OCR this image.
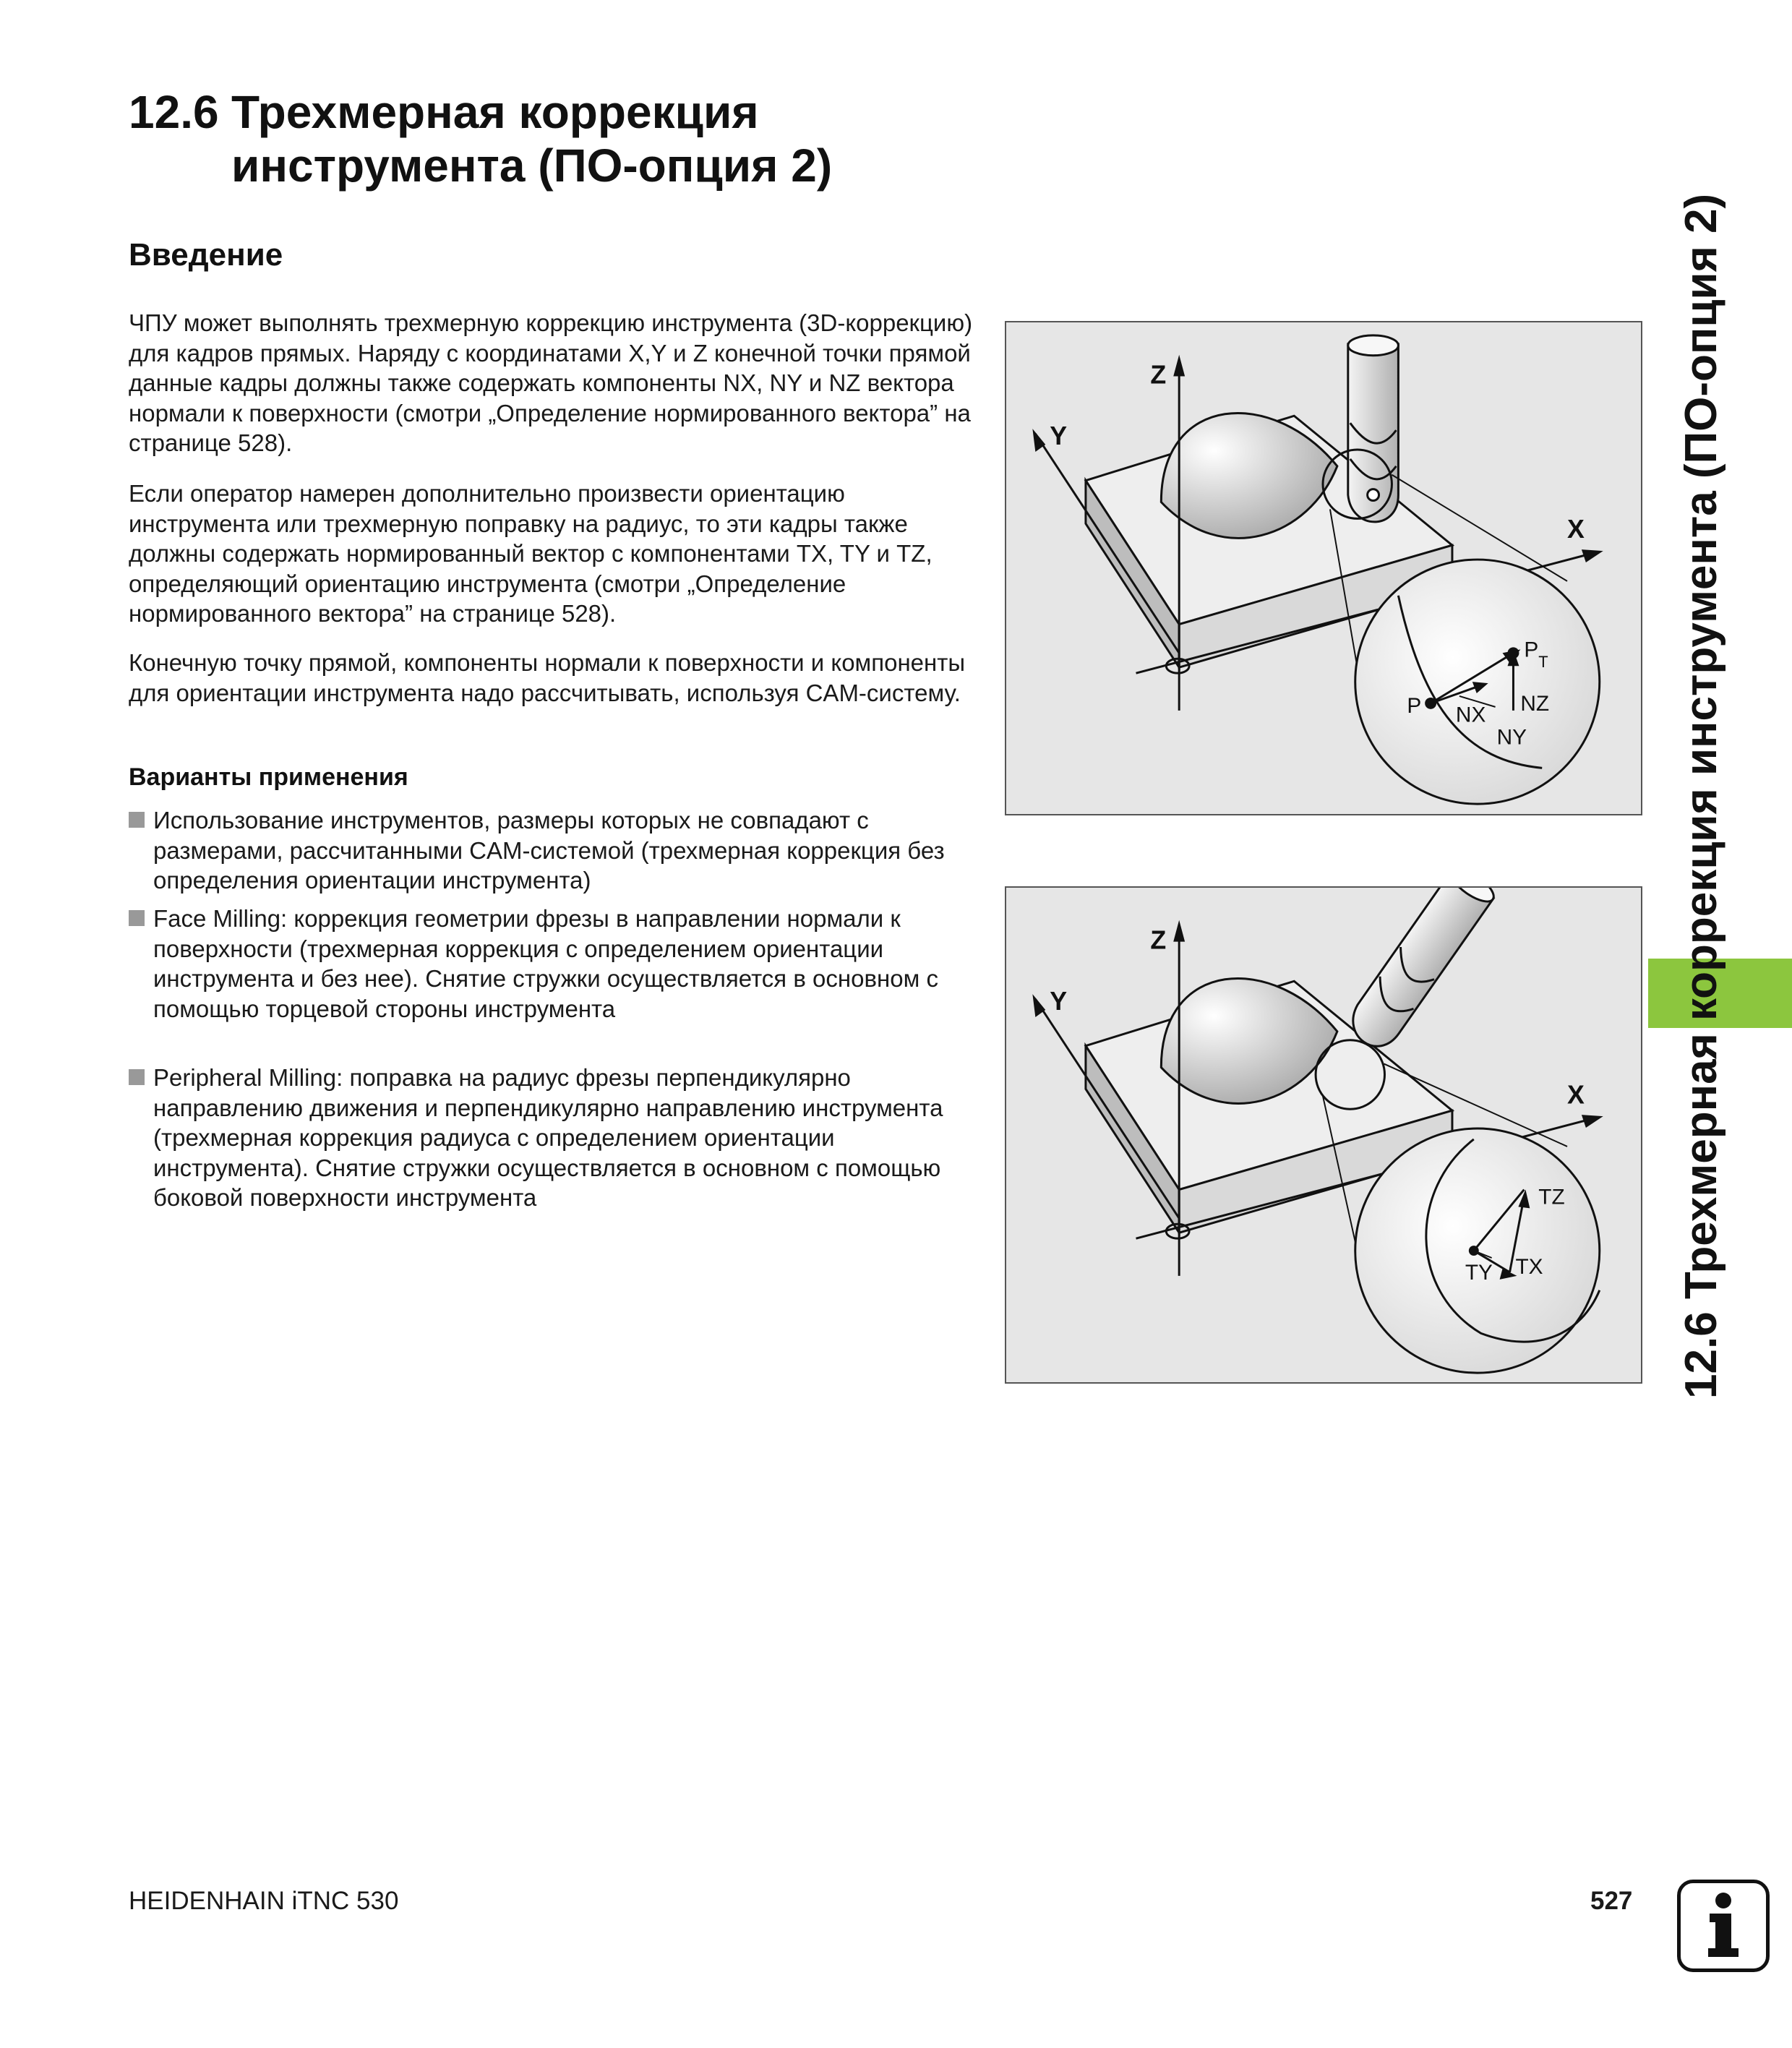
12.6 Трехмерная коррекция
инструмента (ПО-опция 2)
Введение

ЧПУ может выполнять трехмерную коррекцию инструмента (3D-коррекцию) для кадров прямых. Наряду с координатами X,Y и Z конечной точки прямой данные кадры должны также содержать компоненты NX, NY и NZ вектора нормали к поверхности (смотри „Определение нормированного вектора” на странице 528).

Если оператор намерен дополнительно произвести ориентацию инструмента или трехмерную поправку на радиус, то эти кадры также должны содержать нормированный вектор с компонентами TX, TY и TZ, определяющий ориентацию инструмента (смотри „Определение нормированного вектора” на странице 528).

Конечную точку прямой, компоненты нормали к поверхности и компоненты для ориентации инструмента надо рассчитывать, используя CAM-систему.

Варианты применения
Использование инструментов, размеры которых не совпадают с размерами, рассчитанными CAM-системой (трехмерная коррекция без определения ориентации инструмента)
Face Milling: коррекция геометрии фрезы в направлении нормали к поверхности (трехмерная коррекция с определением ориентации инструмента и без нее). Снятие стружки осуществляется в основном с помощью торцевой стороны инструмента
Peripheral Milling: поправка на радиус фрезы перпендикулярно направлению движения и перпендикулярно направлению инструмента (трехмерная коррекция радиуса с определением ориентации инструмента). Снятие стружки осуществляется в основном с помощью боковой поверхности инструмента
Z
Y
X
P
P
T
NX NZ
NY
Z
Y
X
TZ
TX
TY	12.6 Трехмерная коррекция инструмента (ПО-опция 2)
HEIDENHAIN iTNC 530	527
